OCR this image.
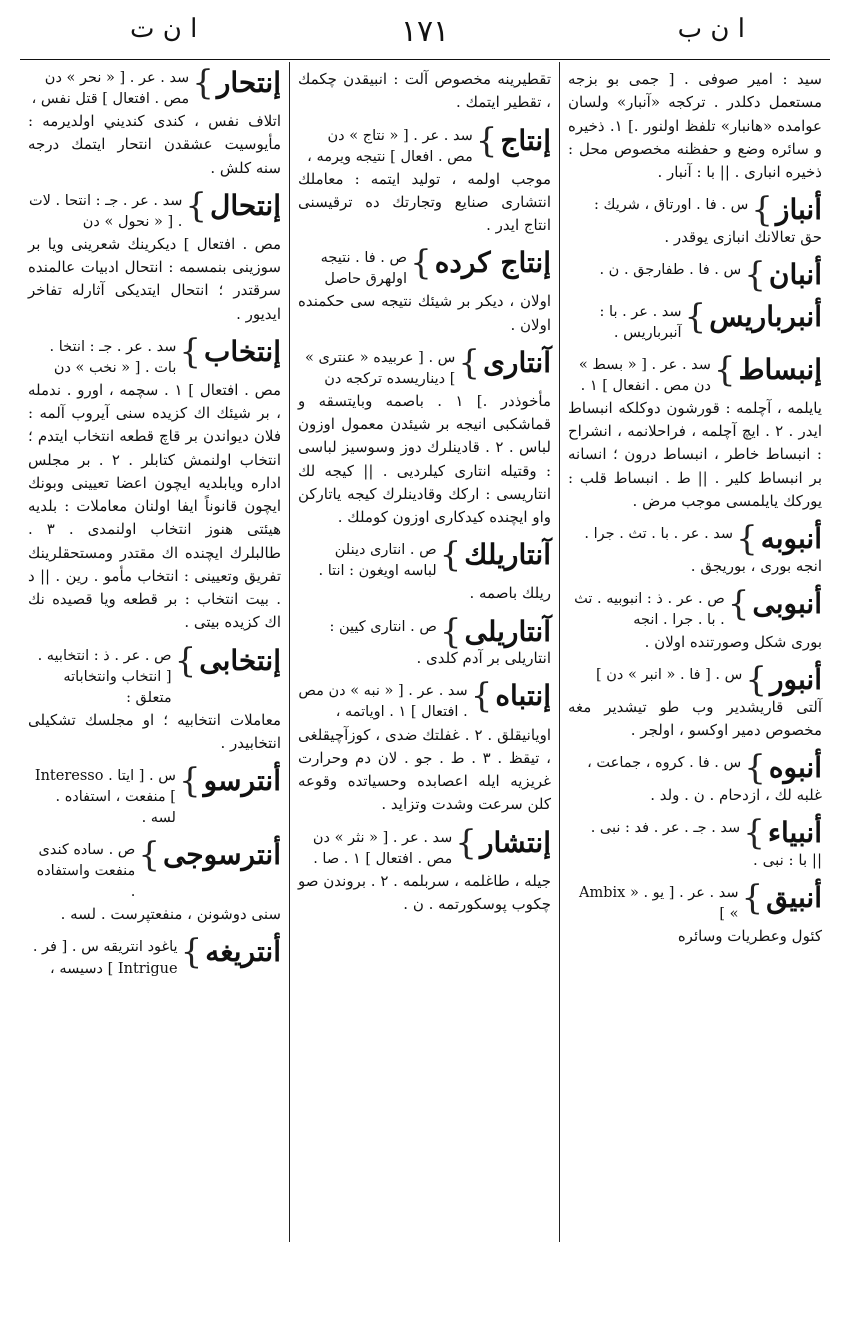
ا ن ت	١٧١	ا ن ب

سيد : امير صوفى . [ جمى بو بزجه مستعمل دكلدر . تركجه «آنبار» ولسان عوامده «هانبار» تلفظ اولنور .] ١. ذخيره و سائره وضع و حفظنه مخصوص محل : ذخيره انبارى . || با : آنبار .

أنباز
}
س . فا . اورتاق ، شريك :

حق تعالانك انبازى يوقدر .

أنبان
}
س . فا . طفارجق . ن .
أنبرباريس
}
سد . عر . با : آنبرباريس .
إنبساط
}
سد . عر . [ « بسط » دن مص . انفعال ] ١ .

يايلمه ، آچلمه : قورشون دوكلكه انبساط ايدر . ٢ . ايچ آچلمه ، فراحلانمه ، انشراح : انبساط خاطر ، انبساط درون ؛ انسانه بر انبساط كلير . || ط . انبساط قلب : يوركك يايلمسى موجب مرض .

أنبوبه
}
سد . عر . با . تث . جرا .

انجه بورى ، بوريجق .

أنبوبى
}
ص . عر . ذ : انبوبيه . تث . با . جرا . انجه

بورى شكل وصورتنده اولان .

أنبور
}
س . [ فا . « انبر » دن ]

آلتى قاريشدير وب طو تيشدير مغه مخصوص دمير اوكسو ، اولجر .

أنبوه
}
س . فا . كروه ، جماعت ،

غلبه لك ، ازدحام . ن . ولد .

أنبياء
}
سد . جـ . عر . فد : نبى .

|| با : نبى .

أنبيق
}
سد . عر . [ يو . « Ambix » ]

كئول وعطريات وسائره

تقطيرينه مخصوص آلت : انبيقدن چكمك ، تقطير ايتمك .

إنتاج
}
سد . عر . [ « نتاج » دن مص . افعال ] نتيجه ويرمه ،

موجب اولمه ، توليد ايتمه : معاملك انتشارى صنايع وتجارتك ده ترقيسنى انتاج ايدر .

إنتاج كرده
}
ص . فا . نتيجه اولهرق حاصل

اولان ، ديكر بر شيئك نتيجه سى حكمنده اولان .

آنتارى
}
س . [ عربيده « عنترى » ] ديناريسده تركجه دن

مأخوذدر .] ١ . باصمه وبايتسقه و قماشكبى انيجه بر شيئدن معمول اوزون لباس . ٢ . قادينلرك دوز وسوسيز لباسى : وقتيله انتارى كيلرديى . || كيجه لك انتاريسى : اركك وقادينلرك كيجه ياتاركن واو ايچنده كيدكارى اوزون كوملك .

آنتاريلك
}
ص . انتارى دينلن لباسه اويغون : انتا .

ريلك باصمه .

آنتاريلى
}
ص . انتارى كيين :

انتاريلى بر آدم كلدى .

إنتباه
}
سد . عر . [ « نبه » دن مص . افتعال ] ١ . اوياتمه ،

اويانيقلق . ٢ . غفلتك ضدى ، كوزآچيقلغى ، تيقظ . ٣ . ط . جو . لان دم وحرارت غريزيه ايله اعصابده وحسياتده وقوعه كلن سرعت وشدت وتزايد .

إنتشار
}
سد . عر . [ « نثر » دن مص . افتعال ] ١ . صا .

جيله ، طاغلمه ، سربلمه . ٢ . بروندن صو چكوب پوسكورتمه . ن .

إنتحار
}
سد . عر . [ « نحر » دن مص . افتعال ] قتل نفس ،

اتلاف نفس ، كندى كنديني اولديرمه : مأيوسيت عشقدن انتحار ايتمك درجه سنه كلش .

إنتحال
}
سد . عر . جـ : انتحا . لات . [ « نحول » دن

مص . افتعال ] ديكرينك شعرينى ويا بر سوزينى بنمسمه : انتحال ادبيات عالمنده سرقتدر ؛ انتحال ايتديكى آثارله تفاخر ايديور .

إنتخاب
}
سد . عر . جـ : انتخا . بات . [ « نخب » دن

مص . افتعال ] ١ . سچمه ، اورو . ندمله ، بر شيئك اك كزيده سنى آيروب آلمه : فلان ديواندن بر قاچ قطعه انتخاب ايتدم ؛ انتخاب اولنمش كتابلر . ٢ . بر مجلس اداره ويابلديه ايچون اعضا تعيينى وبونك ايچون قانوناً ايفا اولنان معاملات : بلديه هيئتى هنوز انتخاب اولنمدى . ٣ . طالبلرك ايچنده اك مقتدر ومستحقلرينك تفريق وتعيينى : انتخاب مأمو . رين . || د . بيت انتخاب : بر قطعه ويا قصيده نك اك كزيده بيتى .

إنتخابى
}
ص . عر . ذ : انتخابيه . [ انتخاب وانتخاباته متعلق :

معاملات انتخابيه ؛ او مجلسك تشكيلى انتخابيدر .

أنترسو
}
س . [ ايتا . Interesso ] منفعت ، استفاده . لسه .
أنترسوجى
}
ص . ساده كندى منفعت واستفاده .

سنى دوشونن ، منفعتپرست . لسه .

أنتريغه
}
ياغود انتريقه س . [ فر . Intrigue ] دسيسه ،
